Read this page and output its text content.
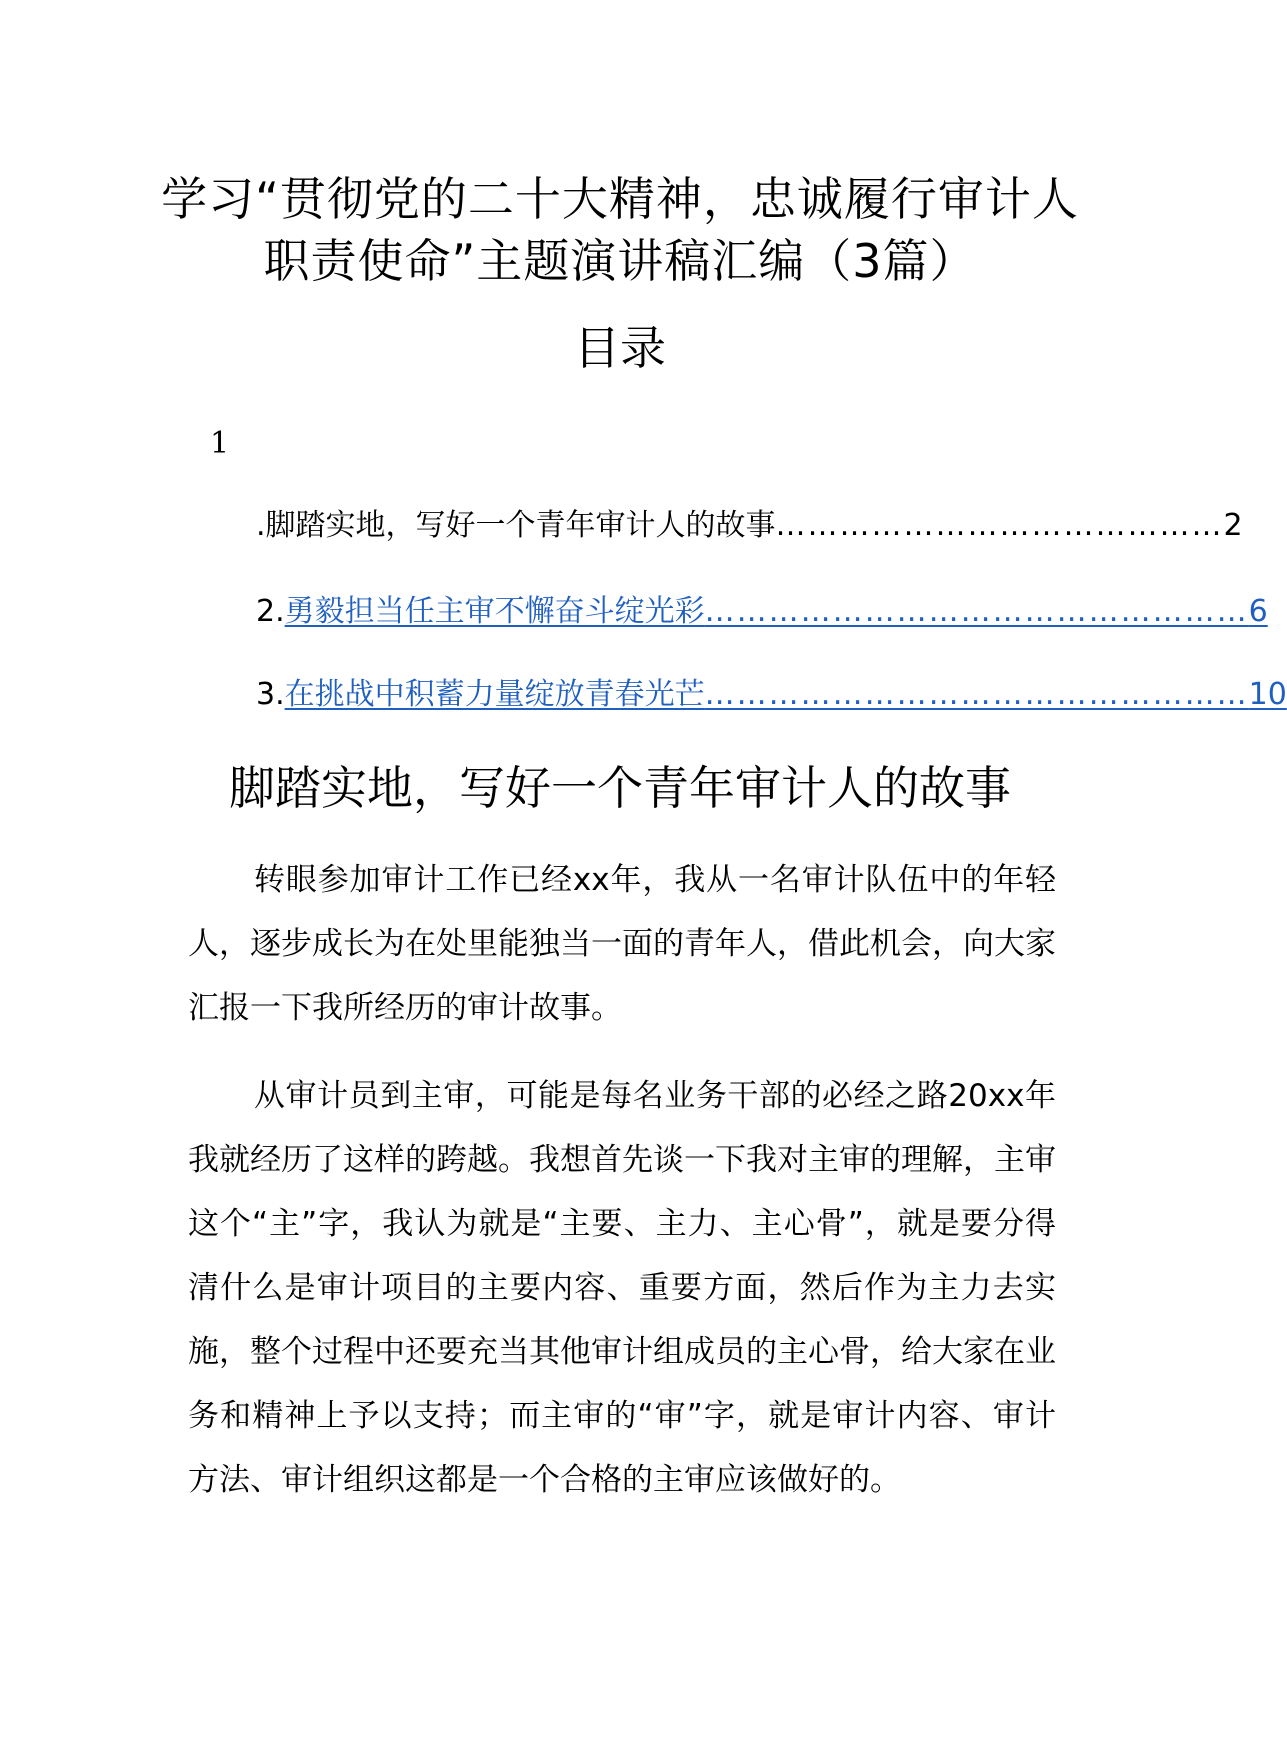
学习“贯彻党的二十大精神，忠诚履行审计人职责使命”主题演讲稿汇编（3篇）
目录
1
. 脚踏实地，写好一个青年审计人的故事 …………………………………… 2
2. 勇毅担当任主审不懈奋斗绽光彩 …………………………………………… 6
3. 在挑战中积蓄力量绽放青春光芒 …………………………………………… 10
脚踏实地，写好一个青年审计人的故事

转眼参加审计工作已经xx年，我从一名审计队伍中的年轻人，逐步成长为在处里能独当一面的青年人，借此机会，向大家汇报一下我所经历的审计故事。

从审计员到主审，可能是每名业务干部的必经之路20xx年我就经历了这样的跨越。我想首先谈一下我对主审的理解，主审这个“主”字，我认为就是“主要、主力、主心骨”，就是要分得清什么是审计项目的主要内容、重要方面，然后作为主力去实施，整个过程中还要充当其他审计组成员的主心骨，给大家在业务和精神上予以支持；而主审的“审”字，就是审计内容、审计方法、审计组织这都是一个合格的主审应该做好的。
